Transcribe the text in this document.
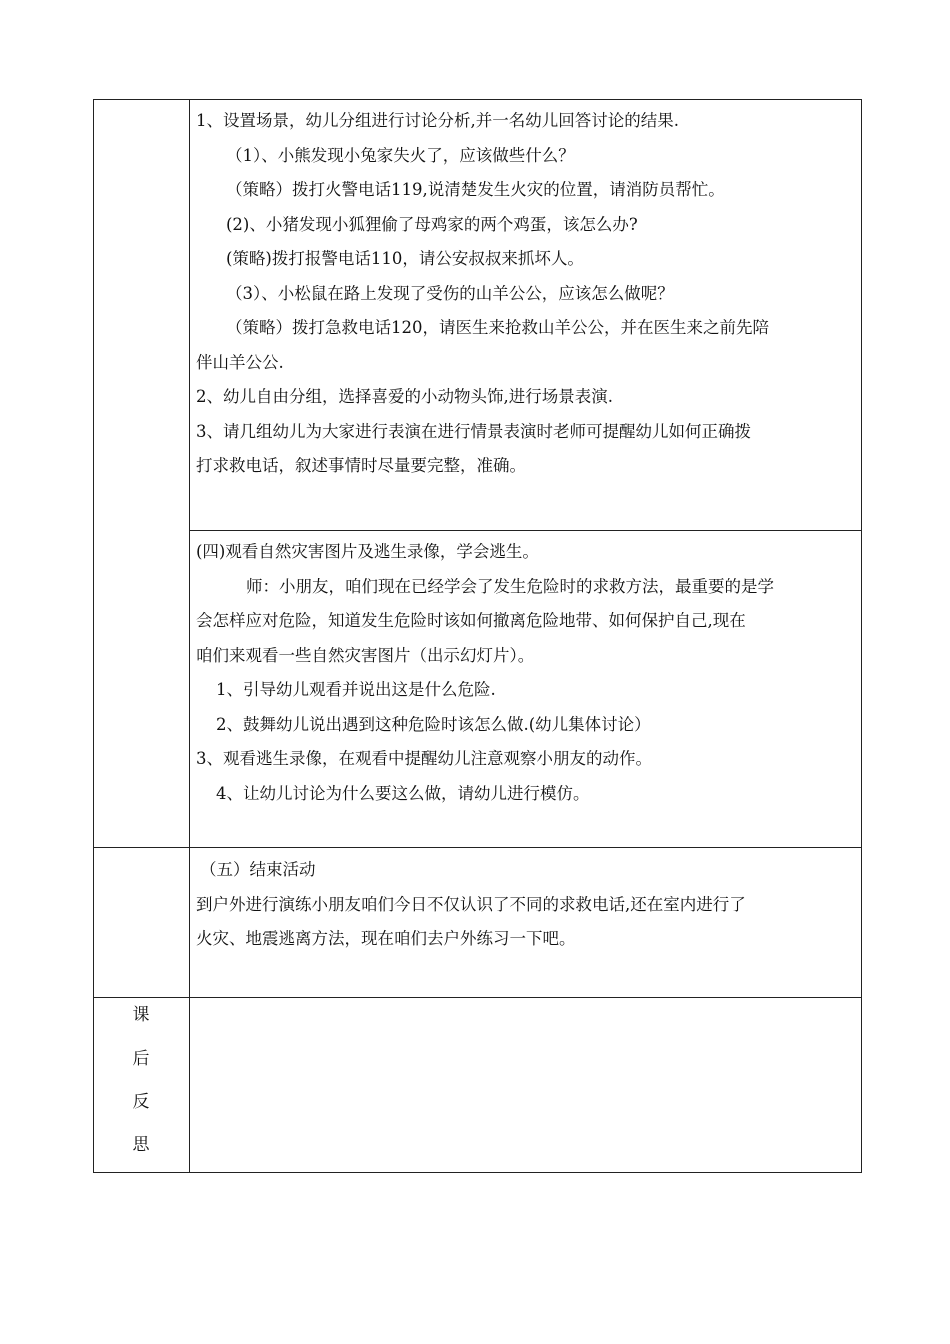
1、设置场景，幼儿分组进行讨论分析,并一名幼儿回答讨论的结果.

（1）、小熊发现小兔家失火了，应该做些什么？

（策略）拨打火警电话119,说清楚发生火灾的位置，请消防员帮忙。

(2)、小猪发现小狐狸偷了母鸡家的两个鸡蛋，该怎么办?

(策略)拨打报警电话110，请公安叔叔来抓坏人。

（3）、小松鼠在路上发现了受伤的山羊公公，应该怎么做呢？

（策略）拨打急救电话120，请医生来抢救山羊公公，并在医生来之前先陪

伴山羊公公.

2、幼儿自由分组，选择喜爱的小动物头饰,进行场景表演.

3、请几组幼儿为大家进行表演在进行情景表演时老师可提醒幼儿如何正确拨

打求救电话，叙述事情时尽量要完整，准确。

(四)观看自然灾害图片及逃生录像，学会逃生。

师：小朋友，咱们现在已经学会了发生危险时的求救方法，最重要的是学

会怎样应对危险，知道发生危险时该如何撤离危险地带、如何保护自己,现在

咱们来观看一些自然灾害图片（出示幻灯片）。

1、引导幼儿观看并说出这是什么危险.

2、鼓舞幼儿说出遇到这种危险时该怎么做.(幼儿集体讨论）

3、观看逃生录像，在观看中提醒幼儿注意观察小朋友的动作。

4、让幼儿讨论为什么要这么做，请幼儿进行模仿。

（五）结束活动

到户外进行演练小朋友咱们今日不仅认识了不同的求救电话,还在室内进行了

火灾、地震逃离方法，现在咱们去户外练习一下吧。

课
后
反
思
